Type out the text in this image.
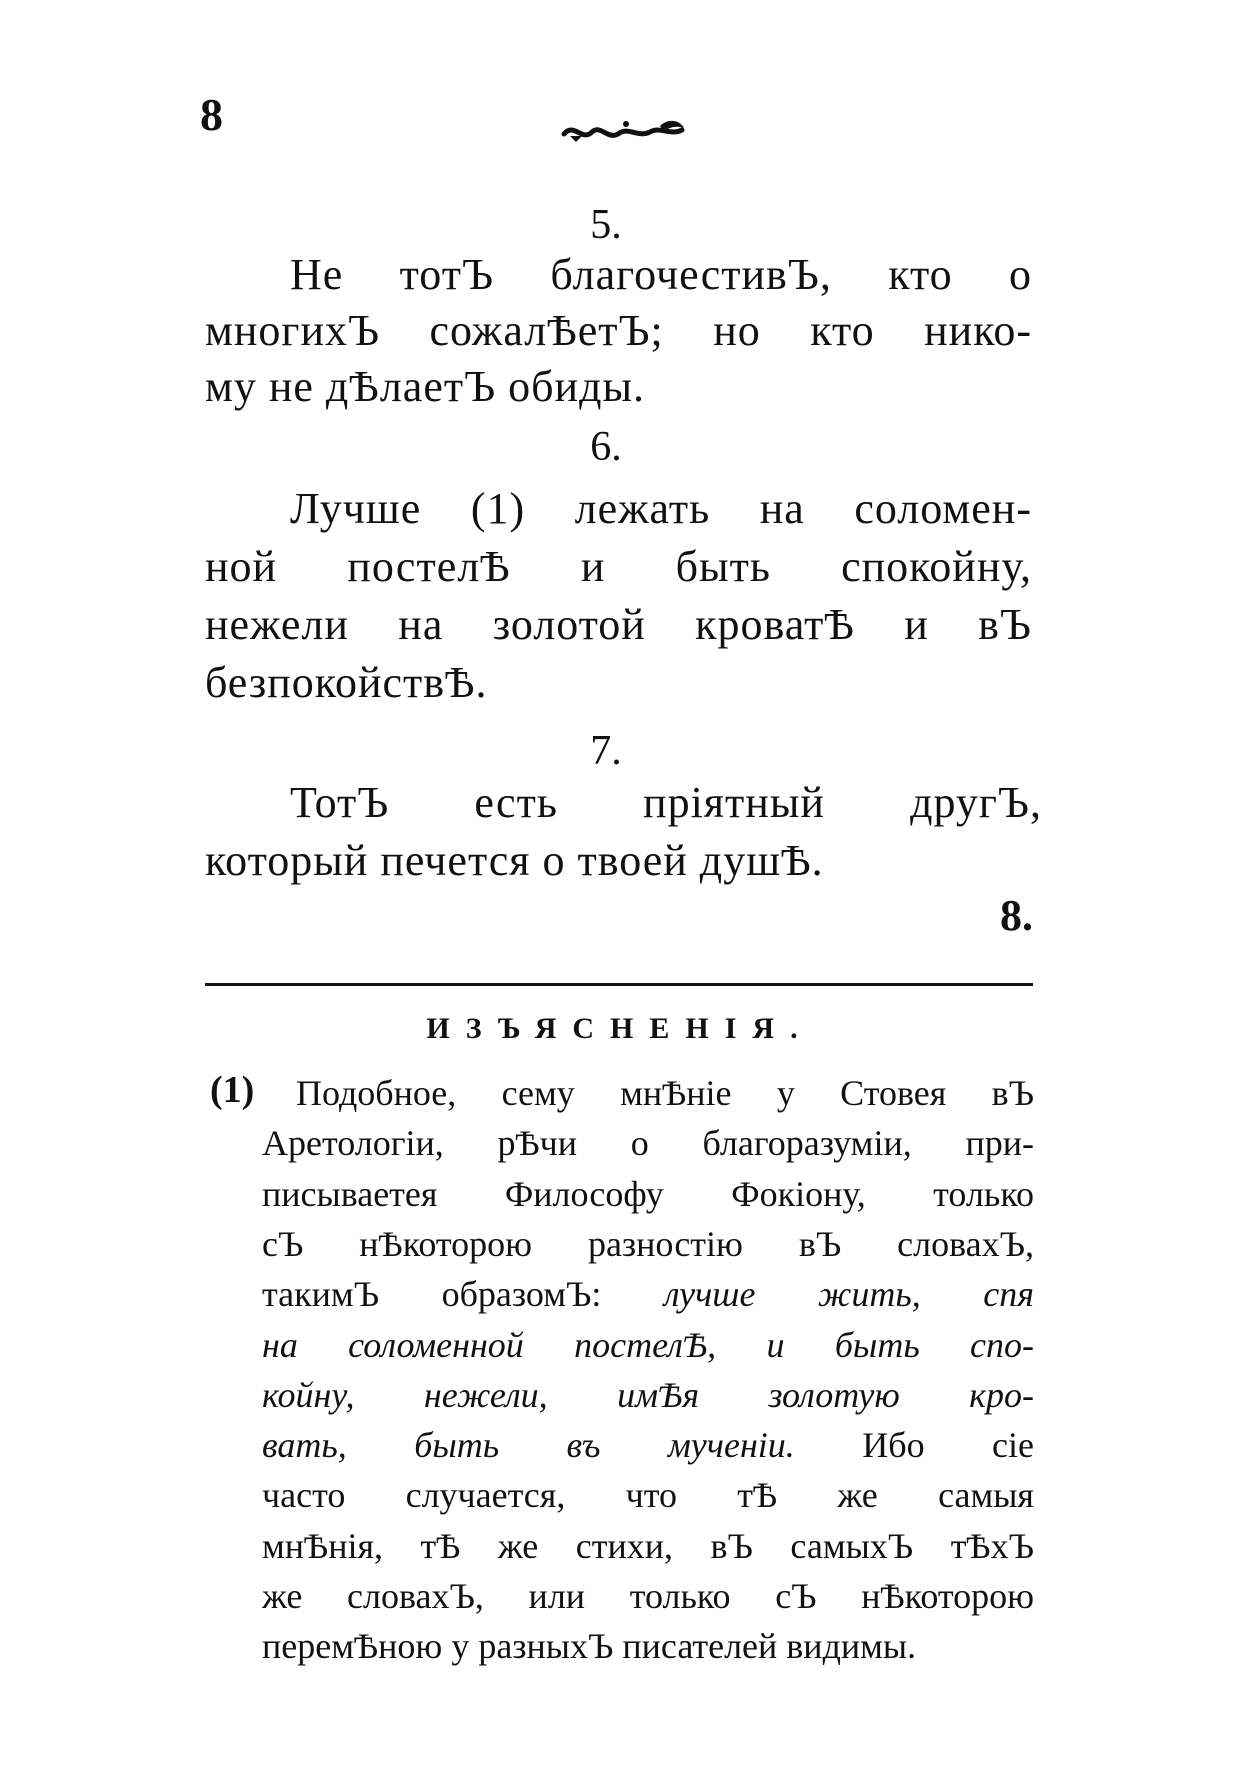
8
5.
Не тотЪ благочестивЪ, кто о
многихЪ сожалѢетЪ; но кто нико-
му не дѢлаетЪ обиды.
6.
Лучше (1) лежать на соломен-
ной постелѢ и быть спокойну,
нежели на золотой кроватѢ и вЪ
безпокойствѢ.
7.
ТотЪ есть пріятный другЪ,
который печется о твоей душѢ.
8.
ИЗЪЯСНЕНІЯ.
(1) Подобное, сему мнѢніе у Стовея вЪ
Аретологіи, рѢчи о благоразуміи, при-
писываетея Философу Фокіону, только
сЪ нѢкоторою разностію вЪ словахЪ,
такимЪ образомЪ: лучше жить, спя
на соломенной постелѢ, и быть спо-
койну, нежели, имѢя золотую кро-
вать, быть въ мученіи. Ибо сіе
часто случается, что тѢ же самыя
мнѢнія, тѢ же стихи, вЪ самыхЪ тѢхЪ
же словахЪ, или только сЪ нѢкоторою
перемѢною у разныхЪ писателей видимы.
